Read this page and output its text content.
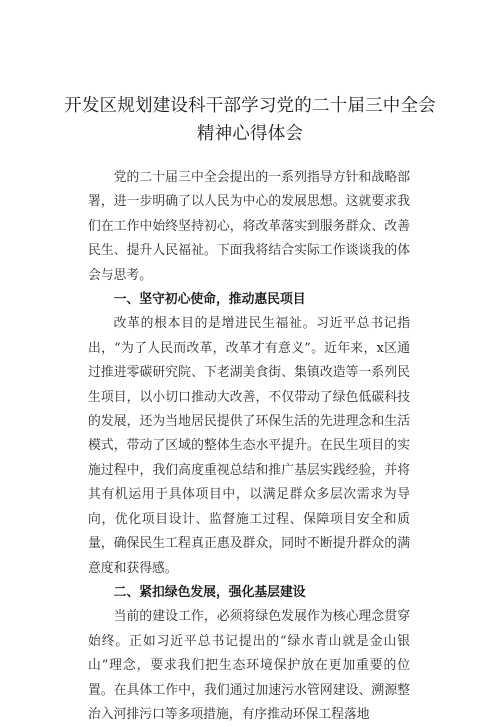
开发区规划建设科干部学习党的二十届三中全会精神心得体会

党的二十届三中全会提出的一系列指导方针和战略部署，进一步明确了以人民为中心的发展思想。这就要求我们在工作中始终坚持初心，将改革落实到服务群众、改善民生、提升人民福祉。下面我将结合实际工作谈谈我的体会与思考。

一、坚守初心使命，推动惠民项目

改革的根本目的是增进民生福祉。习近平总书记指出，“为了人民而改革，改革才有意义”。近年来，x区通过推进零碳研究院、下老湖美食街、集镇改造等一系列民生项目，以小切口推动大改善，不仅带动了绿色低碳科技的发展，还为当地居民提供了环保生活的先进理念和生活模式，带动了区域的整体生态水平提升。在民生项目的实施过程中，我们高度重视总结和推广基层实践经验，并将其有机运用于具体项目中，以满足群众多层次需求为导向，优化项目设计、监督施工过程、保障项目安全和质量，确保民生工程真正惠及群众，同时不断提升群众的满意度和获得感。

二、紧扣绿色发展，强化基层建设

当前的建设工作，必须将绿色发展作为核心理念贯穿始终。正如习近平总书记提出的“绿水青山就是金山银山”理念，要求我们把生态环境保护放在更加重要的位置。在具体工作中，我们通过加速污水管网建设、溯源整治入河排污口等多项措施，有序推动环保工程落地
